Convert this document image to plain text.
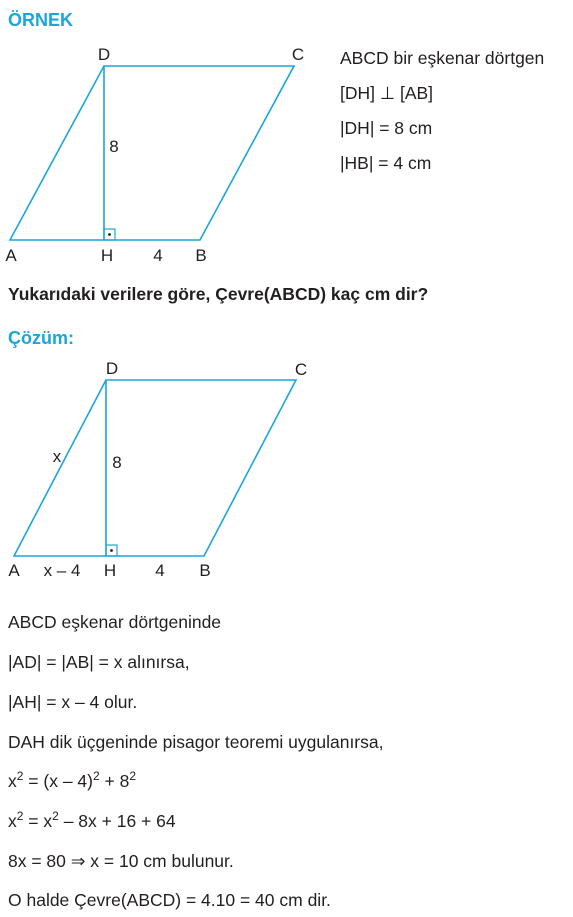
ÖRNEK
D	C
A	H 4 B
8
ABCD bir eşkenar dörtgen
[DH] ⊥ [AB]
|DH| = 8 cm
|HB| = 4 cm
Yukarıdaki verilere göre, Çevre(ABCD) kaç cm dir?
Çözüm:
D	C
x	8
A x – 4 H 4 B
ABCD eşkenar dörtgeninde
|AD| = |AB| = x alınırsa,
|AH| = x – 4 olur.
DAH dik üçgeninde pisagor teoremi uygulanırsa,
$x^2 = (x - 4)^2 + 8^2$
$x^2 = x^2 - 8x + 16 + 64$
8x = 80 ⇒ x = 10 cm bulunur.
O halde Çevre(ABCD) = 4.10 = 40 cm dir.
